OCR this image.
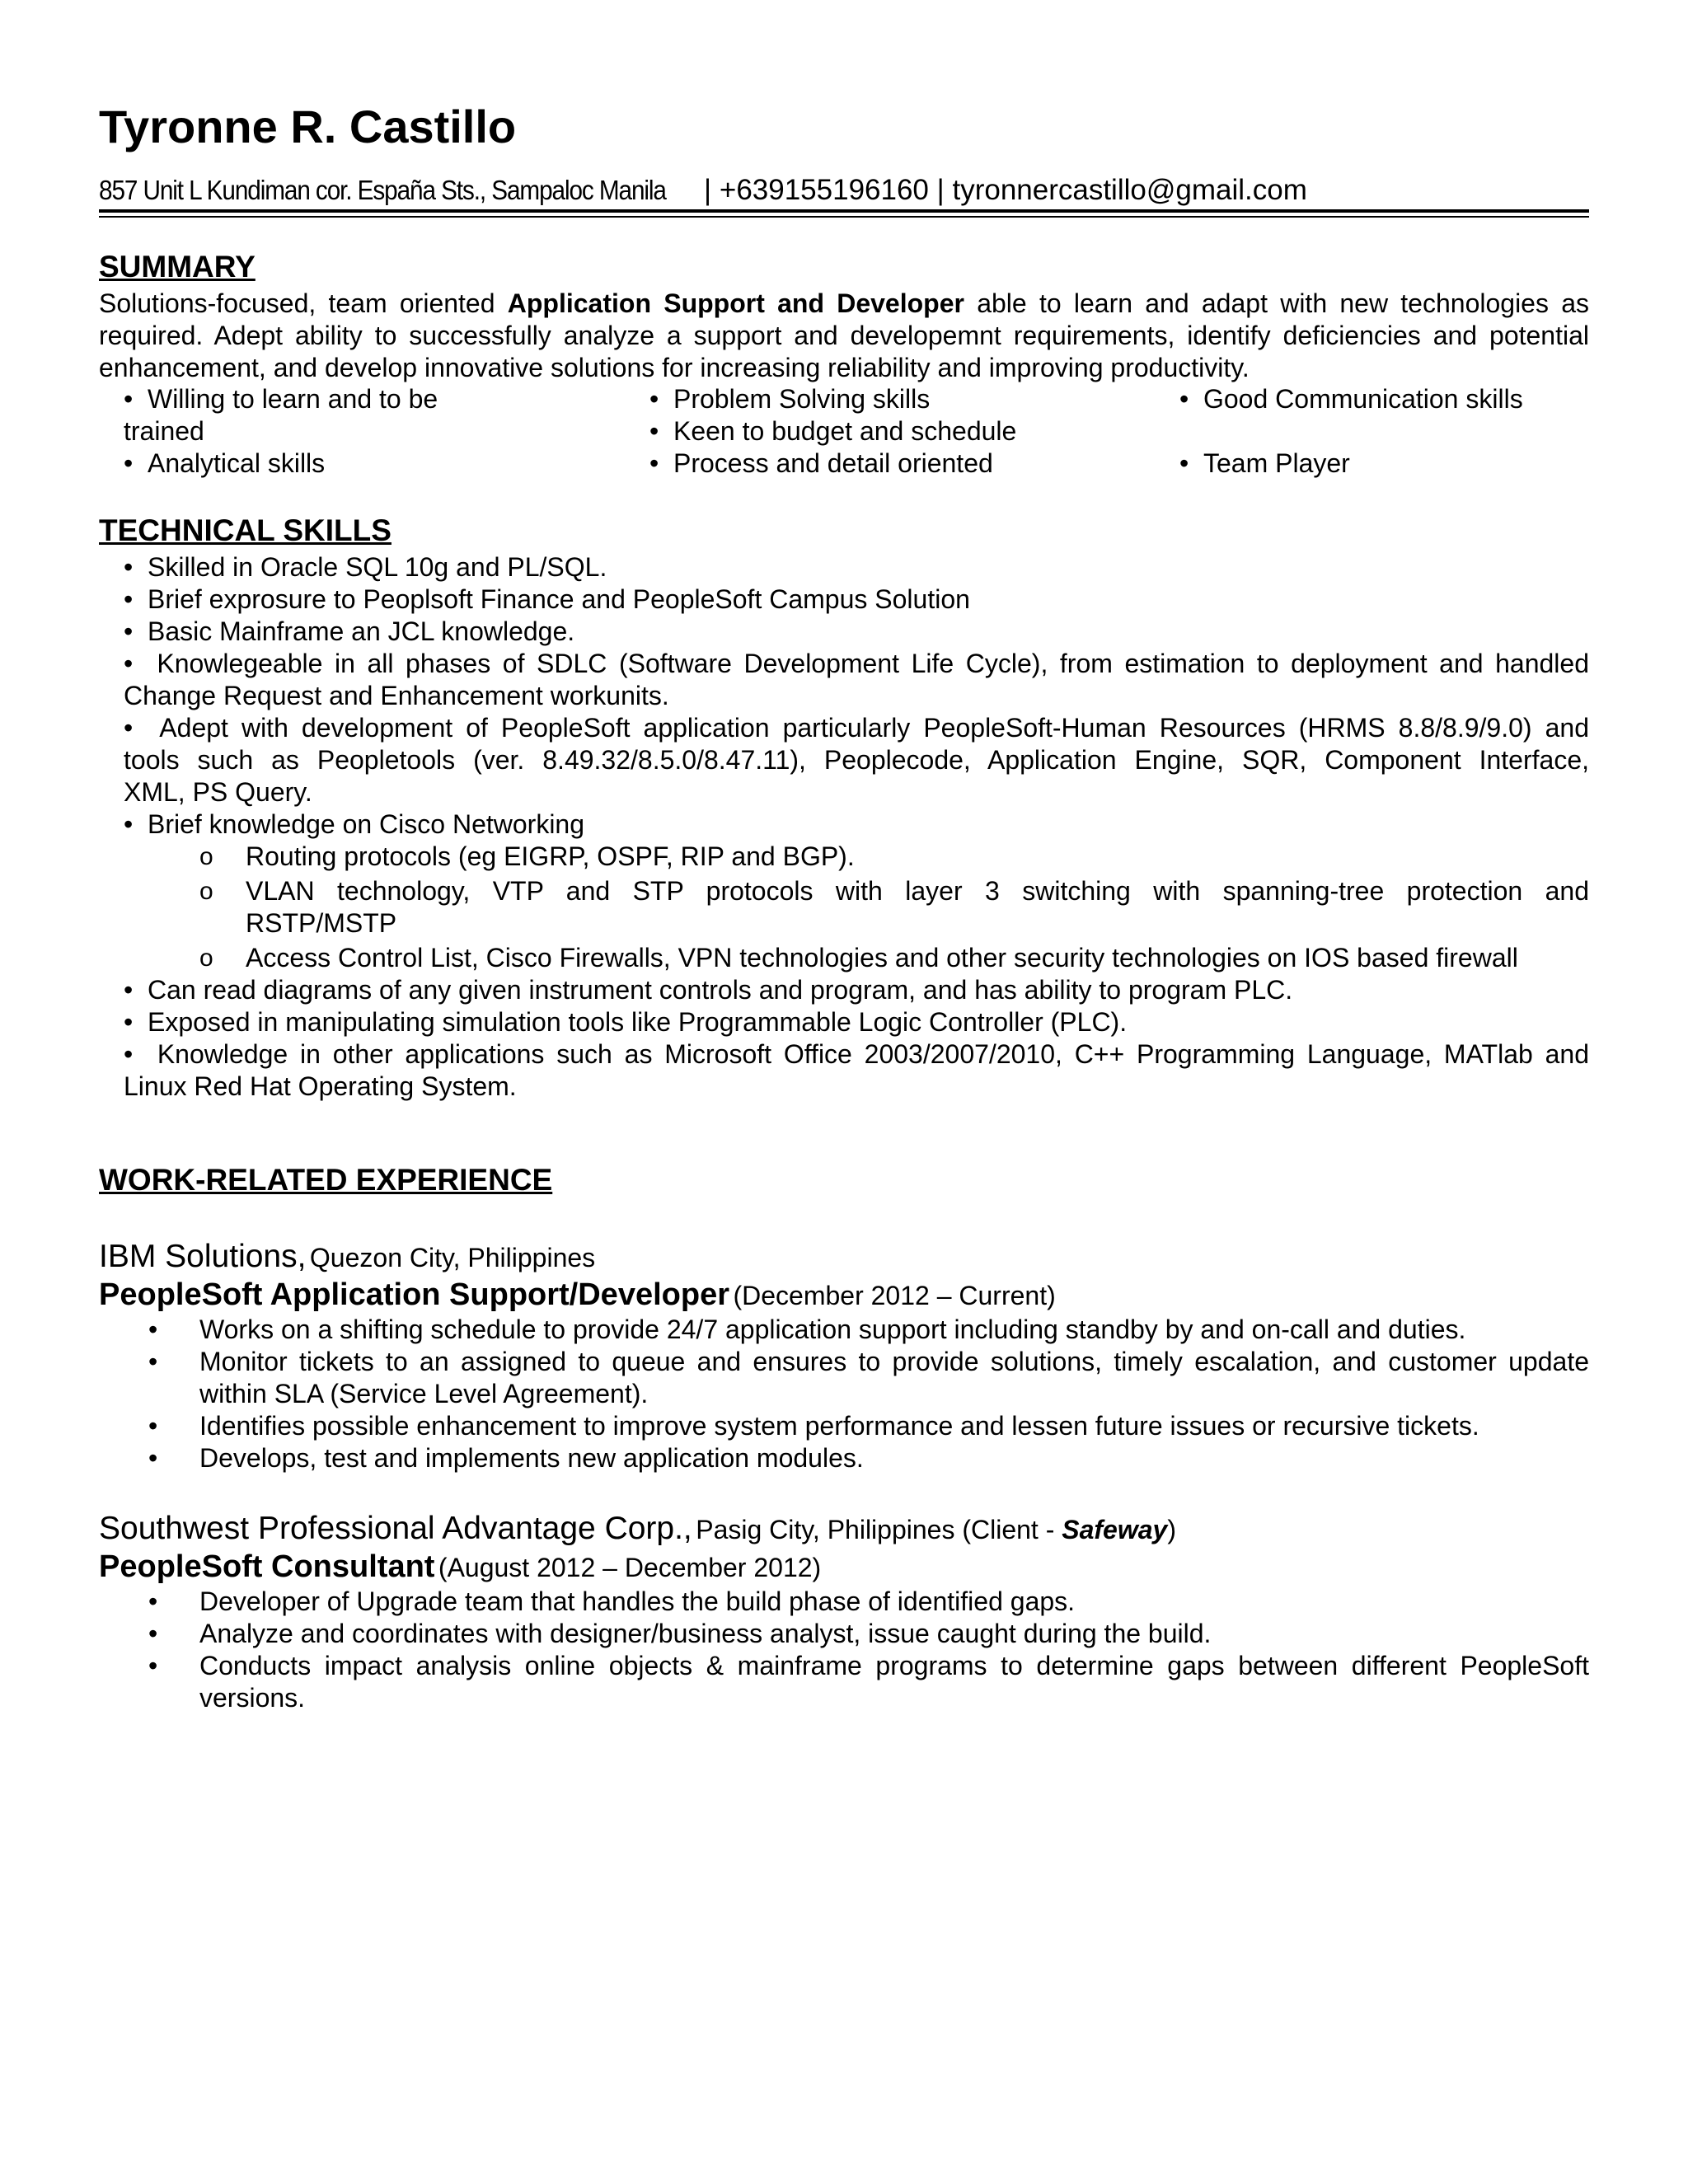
Tyronne R. Castillo
857 Unit L Kundiman cor. España Sts., Sampaloc Manila | +639155196160 | tyronnercastillo@gmail.com
SUMMARY
Solutions-focused, team oriented Application Support and Developer able to learn and adapt with new technologies as required. Adept ability to successfully analyze a support and developemnt requirements, identify deficiencies and potential enhancement, and develop innovative solutions for increasing reliability and improving productivity.
• Willing to learn and to be
trained
• Analytical skills
• Problem Solving skills
• Keen to budget and schedule
• Process and detail oriented
• Good Communication skills
• Team Player
TECHNICAL SKILLS
• Skilled in Oracle SQL 10g and PL/SQL.
• Brief exprosure to Peoplsoft Finance and PeopleSoft Campus Solution
• Basic Mainframe an JCL knowledge.
• Knowlegeable in all phases of SDLC (Software Development Life Cycle), from estimation to deployment and handled
Change Request and Enhancement workunits.
• Adept with development of PeopleSoft application particularly PeopleSoft-Human Resources (HRMS 8.8/8.9/9.0) and
tools such as Peopletools (ver. 8.49.32/8.5.0/8.47.11), Peoplecode, Application Engine, SQR, Component Interface,
XML, PS Query.
• Brief knowledge on Cisco Networking
o Routing protocols (eg EIGRP, OSPF, RIP and BGP).
o VLAN technology, VTP and STP protocols with layer 3 switching with spanning-tree protection and
RSTP/MSTP
o Access Control List, Cisco Firewalls, VPN technologies and other security technologies on IOS based firewall
• Can read diagrams of any given instrument controls and program, and has ability to program PLC.
• Exposed in manipulating simulation tools like Programmable Logic Controller (PLC).
• Knowledge in other applications such as Microsoft Office 2003/2007/2010, C++ Programming Language, MATlab and
Linux Red Hat Operating System.
WORK-RELATED EXPERIENCE
IBM Solutions, Quezon City, Philippines
PeopleSoft Application Support/Developer (December 2012 – Current)
• Works on a shifting schedule to provide 24/7 application support including standby by and on-call and duties.
• Monitor tickets to an assigned to queue and ensures to provide solutions, timely escalation, and customer update
within SLA (Service Level Agreement).
• Identifies possible enhancement to improve system performance and lessen future issues or recursive tickets.
• Develops, test and implements new application modules.
Southwest Professional Advantage Corp., Pasig City, Philippines (Client - Safeway)
PeopleSoft Consultant (August 2012 – December 2012)
• Developer of Upgrade team that handles the build phase of identified gaps.
• Analyze and coordinates with designer/business analyst, issue caught during the build.
• Conducts impact analysis online objects & mainframe programs to determine gaps between different PeopleSoft
versions.
